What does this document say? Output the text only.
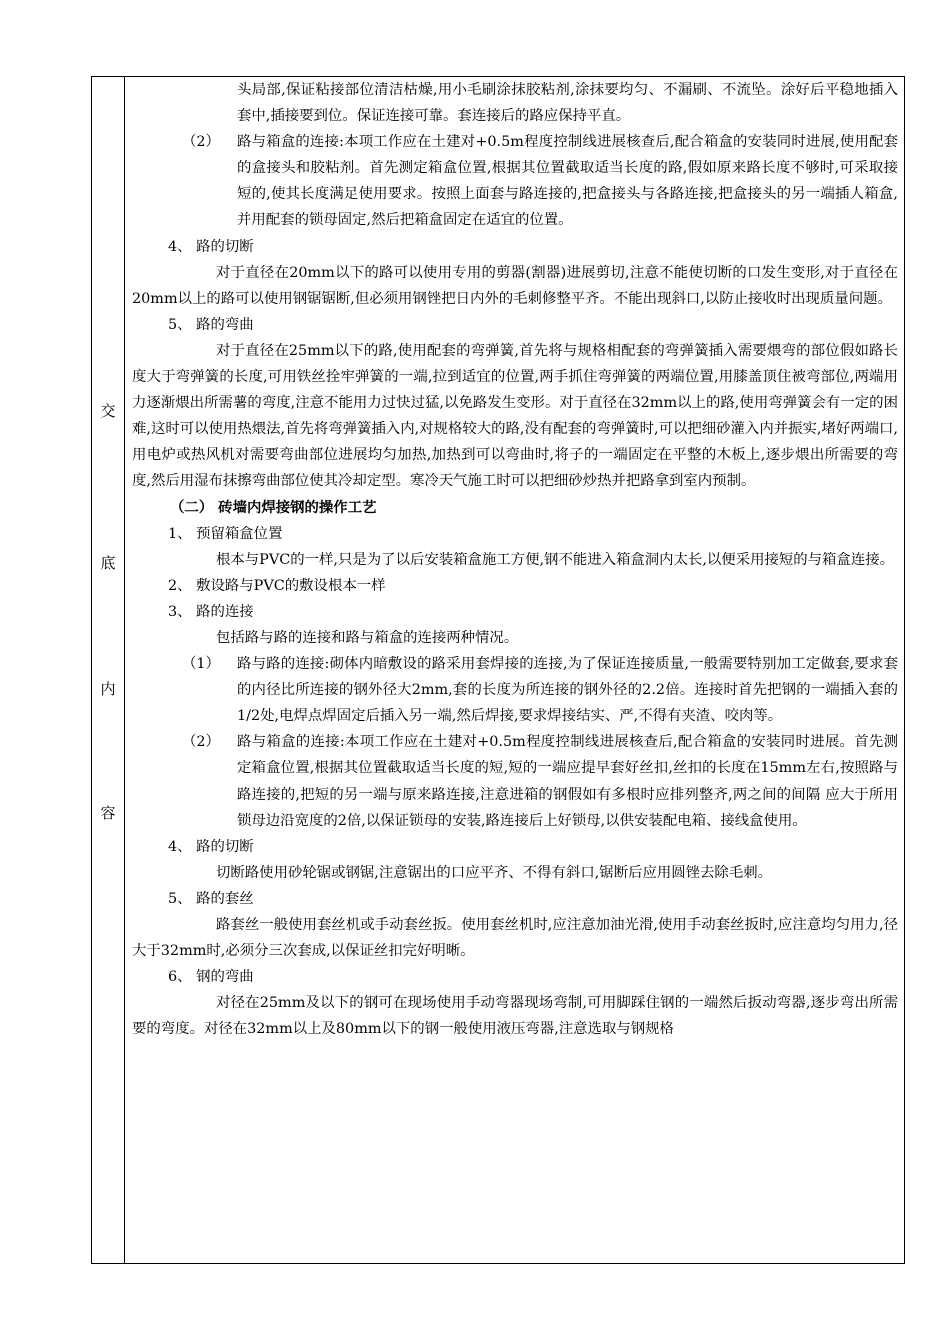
交
底
内
容

头局部,保证粘接部位清洁枯燥,用小毛刷涂抹胶粘剂,涂抹要均匀、不漏刷、不流坠。涂好后平稳地插入套中,插接要到位。保证连接可靠。套连接后的路应保持平直。

（2） 路与箱盒的连接:本项工作应在土建对+0.5m程度控制线进展核查后,配合箱盒的安装同时进展,使用配套的盒接头和胶粘剂。首先测定箱盒位置,根据其位置截取适当长度的路,假如原来路长度不够时,可采取接短的,使其长度满足使用要求。按照上面套与路连接的,把盒接头与各路连接,把盒接头的另一端插人箱盒,并用配套的锁母固定,然后把箱盒固定在适宜的位置。

4、 路的切断

对于直径在20mm以下的路可以使用专用的剪器(割器)进展剪切,注意不能使切断的口发生变形,对于直径在20mm以上的路可以使用钢锯锯断,但必须用钢锉把日内外的毛刺修整平齐。不能出现斜口,以防止接收时出现质量问题。

5、 路的弯曲

对于直径在25mm以下的路,使用配套的弯弹簧,首先将与规格相配套的弯弹簧插入需要煨弯的部位假如路长度大于弯弹簧的长度,可用铁丝拴牢弹簧的一端,拉到适宜的位置,两手抓住弯弹簧的两端位置,用膝盖顶住被弯部位,两端用力逐渐煨出所需薯的弯度,注意不能用力过快过猛,以免路发生变形。对于直径在32mm以上的路,使用弯弹簧会有一定的困难,这时可以使用热煨法,首先将弯弹簧插入内,对规格较大的路,没有配套的弯弹簧时,可以把细砂灌入内并振实,堵好两端口,用电炉或热风机对需要弯曲部位进展均匀加热,加热到可以弯曲时,将子的一端固定在平整的木板上,逐步煨出所需要的弯度,然后用湿布抹擦弯曲部位使其冷却定型。寒冷天气施工时可以把细砂炒热并把路拿到室内预制。

（二） 砖墙内焊接钢的操作工艺

1、 预留箱盒位置

根本与PVC的一样,只是为了以后安装箱盒施工方便,钢不能进入箱盒洞内太长,以便采用接短的与箱盒连接。

2、 敷设路与PVC的敷设根本一样

3、 路的连接

包括路与路的连接和路与箱盒的连接两种情况。

（1） 路与路的连接:砌体内暗敷设的路采用套焊接的连接,为了保证连接质量,一般需要特别加工定做套,要求套的内径比所连接的钢外径大2mm,套的长度为所连接的钢外径的2.2倍。连接时首先把钢的一端插入套的1/2处,电焊点焊固定后插入另一端,然后焊接,要求焊接结实、严,不得有夹渣、咬肉等。

（2） 路与箱盒的连接:本项工作应在土建对+0.5m程度控制线进展核查后,配合箱盒的安装同时进展。首先测定箱盒位置,根据其位置截取适当长度的短,短的一端应提早套好丝扣,丝扣的长度在15mm左右,按照路与路连接的,把短的另一端与原来路连接,注意进箱的钢假如有多根时应排列整齐,两之间的间隔 应大于所用锁母边沿宽度的2倍,以保证锁母的安装,路连接后上好锁母,以供安装配电箱、接线盒使用。

4、 路的切断

切断路使用砂轮锯或钢锯,注意锯出的口应平齐、不得有斜口,锯断后应用圆锉去除毛刺。

5、 路的套丝

路套丝一般使用套丝机或手动套丝扳。使用套丝机时,应注意加油光滑,使用手动套丝扳时,应注意均匀用力,径大于32mm时,必须分三次套成,以保证丝扣完好明晰。

6、 钢的弯曲

对径在25mm及以下的钢可在现场使用手动弯器现场弯制,可用脚踩住钢的一端然后扳动弯器,逐步弯出所需要的弯度。对径在32mm以上及80mm以下的钢一般使用液压弯器,注意选取与钢规格
